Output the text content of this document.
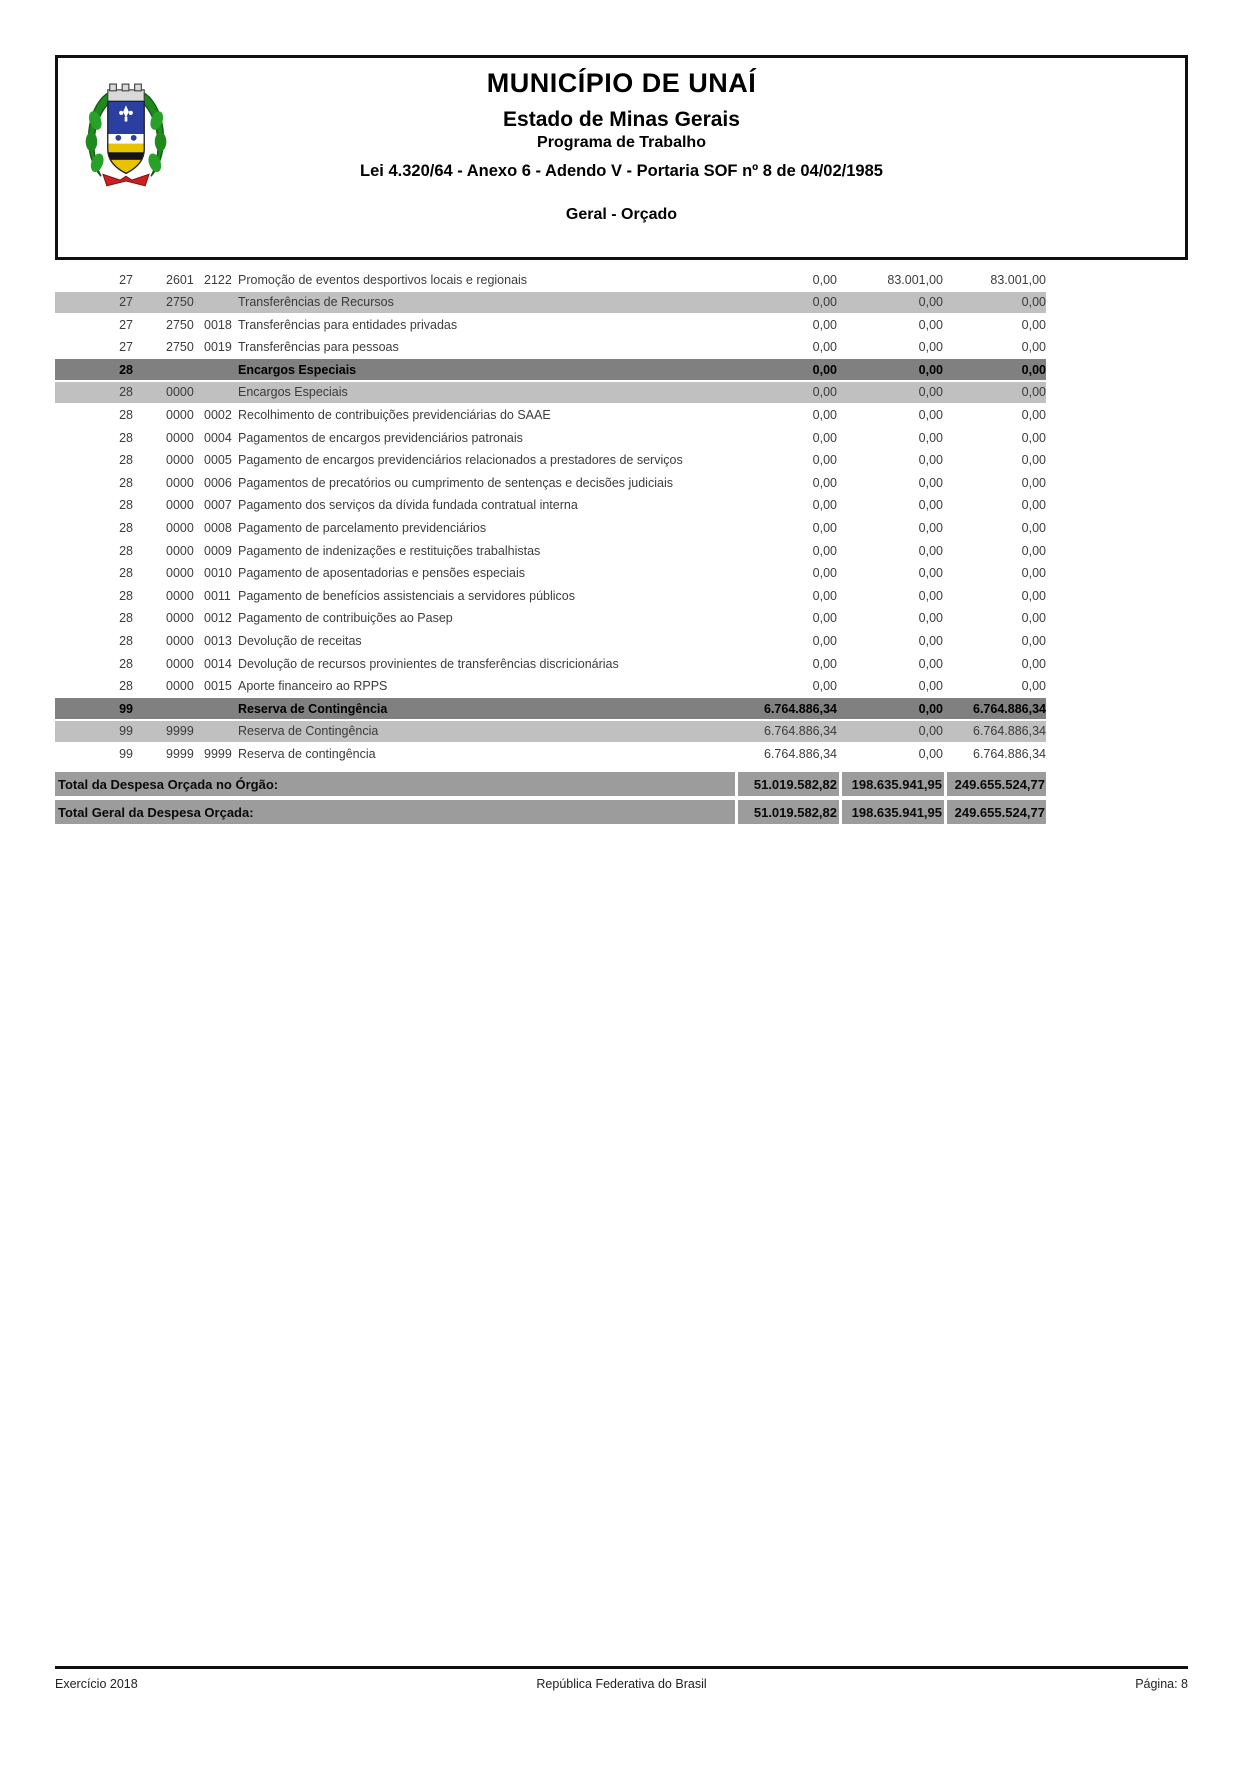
MUNICÍPIO DE UNAÍ
Estado de Minas Gerais
Programa de Trabalho
Lei 4.320/64 - Anexo 6 - Adendo V - Portaria SOF nº 8 de 04/02/1985
Geral - Orçado
27	2601 2122 Promoção de eventos desportivos locais e regionais	0,00	83.001,00	83.001,00
27	2750	Transferências de Recursos	0,00	0,00	0,00
27	2750 0018 Transferências para entidades privadas	0,00	0,00	0,00
27	2750 0019 Transferências para pessoas	0,00	0,00	0,00
28	Encargos Especiais	0,00	0,00	0,00
28	0000	Encargos Especiais	0,00	0,00	0,00
28	0000 0002 Recolhimento de contribuições previdenciárias do SAAE	0,00	0,00	0,00
28	0000 0004 Pagamentos de encargos previdenciários patronais	0,00	0,00	0,00
28	0000 0005 Pagamento de encargos previdenciários relacionados a prestadores de serviços	0,00	0,00	0,00
28	0000 0006 Pagamentos de precatórios ou cumprimento de sentenças e decisões judiciais	0,00	0,00	0,00
28	0000 0007 Pagamento dos serviços da dívida fundada contratual interna	0,00	0,00	0,00
28	0000 0008 Pagamento de parcelamento previdenciários	0,00	0,00	0,00
28	0000 0009 Pagamento de indenizações e restituições trabalhistas	0,00	0,00	0,00
28	0000 0010 Pagamento de aposentadorias e pensões especiais	0,00	0,00	0,00
28	0000 0011 Pagamento de benefícios assistenciais a servidores públicos	0,00	0,00	0,00
28	0000 0012 Pagamento de contribuições ao Pasep	0,00	0,00	0,00
28	0000 0013 Devolução de receitas	0,00	0,00	0,00
28	0000 0014 Devolução de recursos provinientes de transferências discricionárias	0,00	0,00	0,00
28	0000 0015 Aporte financeiro ao RPPS	0,00	0,00	0,00
99	Reserva de Contingência	6.764.886,34	0,00	6.764.886,34
99	9999	Reserva de Contingência	6.764.886,34	0,00	6.764.886,34
99	9999 9999 Reserva de contingência	6.764.886,34	0,00	6.764.886,34
Total da Despesa Orçada no Órgão:	51.019.582,82	198.635.941,95 249.655.524,77
Total Geral da Despesa Orçada:	51.019.582,82	198.635.941,95 249.655.524,77
Exercício 2018	República Federativa do Brasil	Página: 8
